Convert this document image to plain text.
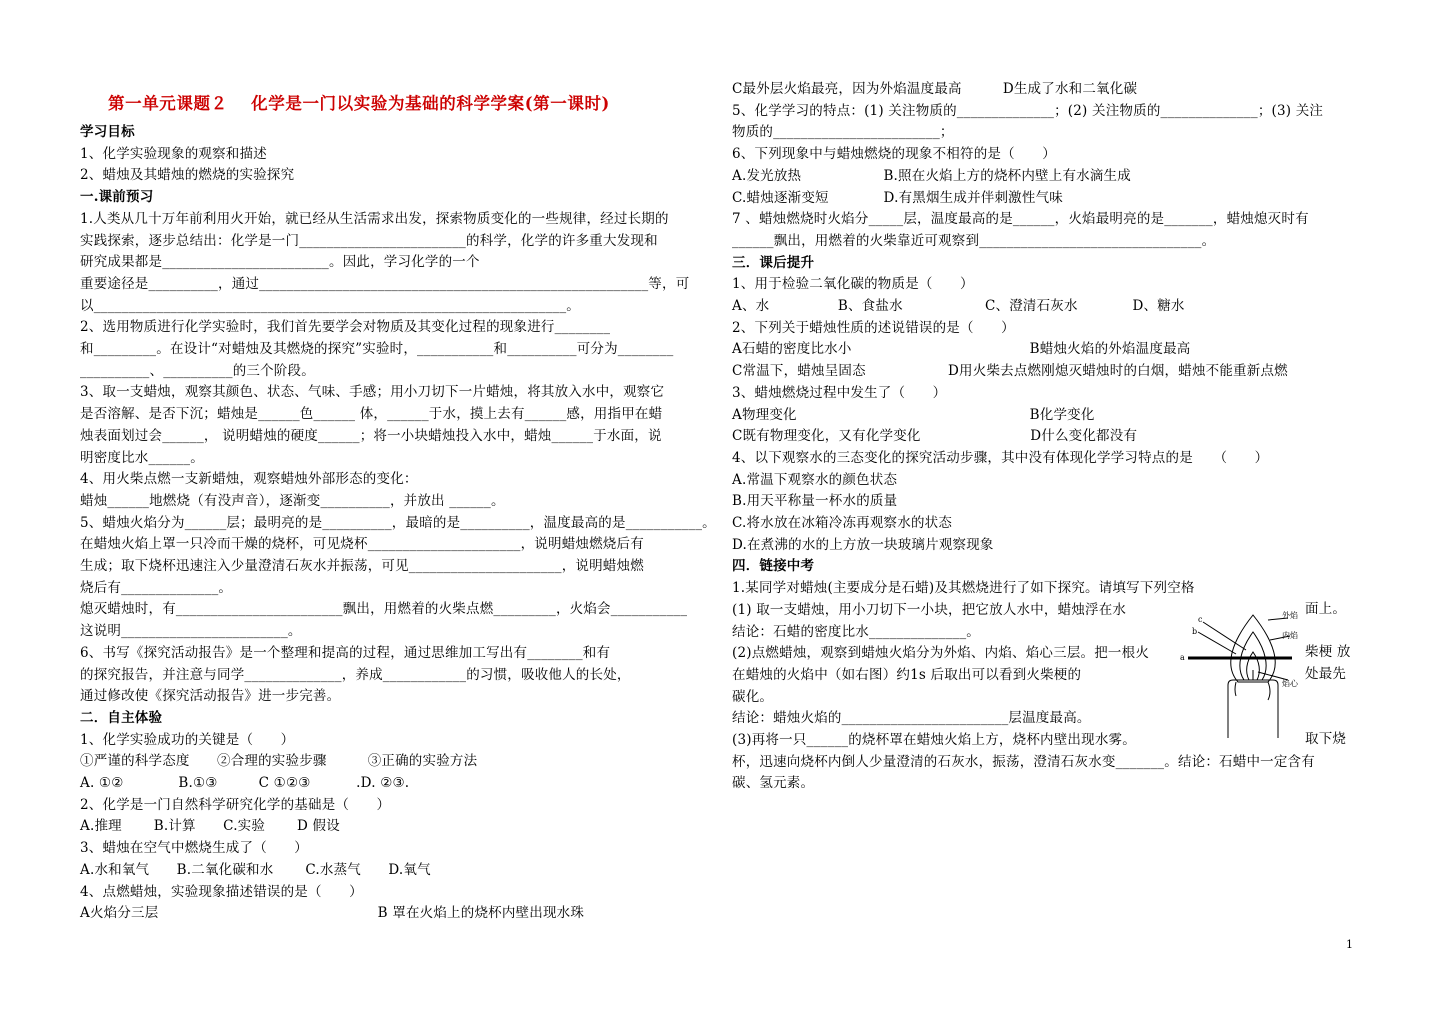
第一单元课题２　 化学是一门以实验为基础的科学学案(第一课时)
学习目标
1、化学实验现象的观察和描述
2、蜡烛及其蜡烛的燃烧的实验探究
一.课前预习
1.人类从几十万年前利用火开始，就已经从生活需求出发，探索物质变化的一些规律，经过长期的
实践探索，逐步总结出：化学是一门________________________的科学，化学的许多重大发现和
研究成果都是________________________。因此，学习化学的一个
重要途径是__________，通过________________________________________________________等，可
以____________________________________________________________________。
2、选用物质进行化学实验时，我们首先要学会对物质及其变化过程的现象进行________
和_________。在设计“对蜡烛及其燃烧的探究”实验时，___________和__________可分为________
__________、__________的三个阶段。
3、取一支蜡烛，观察其颜色、状态、气味、手感；用小刀切下一片蜡烛，将其放入水中，观察它
是否溶解、是否下沉；蜡烛是______色______ 体，______于水，摸上去有______感，用指甲在蜡
烛表面划过会______， 说明蜡烛的硬度______；将一小块蜡烛投入水中，蜡烛______于水面，说
明密度比水______。
4、用火柴点燃一支新蜡烛，观察蜡烛外部形态的变化：
蜡烛______地燃烧（有没声音），逐渐变__________，并放出 ______。
5、蜡烛火焰分为______层；最明亮的是__________，最暗的是__________，温度最高的是___________。
在蜡烛火焰上罩一只冷而干燥的烧杯，可见烧杯______________________，说明蜡烛燃烧后有
生成；取下烧杯迅速注入少量澄清石灰水并振荡，可见______________________，说明蜡烛燃
烧后有______________。
熄灭蜡烛时，有________________________飘出，用燃着的火柴点燃_________，火焰会___________
这说明________________________。
6、书写《探究活动报告》是一个整理和提高的过程，通过思维加工写出有________和有
的探究报告，并注意与同学______________，养成____________的习惯，吸收他人的长处，
通过修改使《探究活动报告》进一步完善。
二．自主体验
1、化学实验成功的关键是（　　）
①严谨的科学态度　　②合理的实验步骤　　　③正确的实验方法
A. ①②　　　　B.①③　　　C ①②③　　　 .D. ②③.
2、化学是一门自然科学研究化学的基础是（　　）
A.推理　　 B.计算　　C.实验　　 D 假设
3、蜡烛在空气中燃烧生成了（　　）
A.水和氧气　　B.二氧化碳和水　　 C.水蒸气　　D.氧气
4、点燃蜡烛，实验现象描述错误的是（　　）
A火焰分三层　　　　　　　　　　　　　　　　B 罩在火焰上的烧杯内壁出现水珠
C最外层火焰最亮，因为外焰温度最高　　　D生成了水和二氧化碳
5、化学学习的特点：(1) 关注物质的______________；(2) 关注物质的______________；(3) 关注
物质的________________________；
6、下列现象中与蜡烛燃烧的现象不相符的是（　　）
A.发光放热　　　　　　B.照在火焰上方的烧杯内壁上有水滴生成
C.蜡烛逐渐变短　　　　D.有黑烟生成并伴刺激性气味
7 、蜡烛燃烧时火焰分_____层，温度最高的是______，火焰最明亮的是_______，蜡烛熄灭时有
______飘出，用燃着的火柴靠近可观察到________________________________。
三．课后提升
1、用于检验二氧化碳的物质是（　　）
A、水　　　　　B、食盐水　　　　　　C、澄清石灰水　　　　D、糖水
2、下列关于蜡烛性质的述说错误的是（　　）
A石蜡的密度比水小　　　　　　　　　　　　　B蜡烛火焰的外焰温度最高
C常温下，蜡烛呈固态　　　　　　D用火柴去点燃刚熄灭蜡烛时的白烟，蜡烛不能重新点燃
3、蜡烛燃烧过程中发生了（　　）
A物理变化　　　　　　　　　　　　　　　　　B化学变化
C既有物理变化，又有化学变化　　　　　　　　D什么变化都没有
4、以下观察水的三态变化的探究活动步骤，其中没有体现化学学习特点的是　　（　　）
A.常温下观察水的颜色状态
B.用天平称量一杯水的质量
C.将水放在冰箱冷冻再观察水的状态
D.在煮沸的水的上方放一块玻璃片观察现象
四．链接中考
1.某同学对蜡烛(主要成分是石蜡)及其燃烧进行了如下探究。请填写下列空格
(1) 取一支蜡烛，用小刀切下一小块，把它放人水中，蜡烛浮在水
结论：石蜡的密度比水______________。
(2)点燃蜡烛，观察到蜡烛火焰分为外焰、内焰、焰心三层。把一根火
在蜡烛的火焰中（如右图）约1s 后取出可以看到火柴梗的
碳化。
结论：蜡烛火焰的________________________层温度最高。
(3)再将一只______的烧杯罩在蜡烛火焰上方，烧杯内壁出现水雾。
杯，迅速向烧杯内倒人少量澄清的石灰水，振荡，澄清石灰水变_______。结论：石蜡中一定含有
碳、氢元素。
面上。
柴梗 放
处最先
取下烧
外焰
内焰
焰心
a
b
c
1
